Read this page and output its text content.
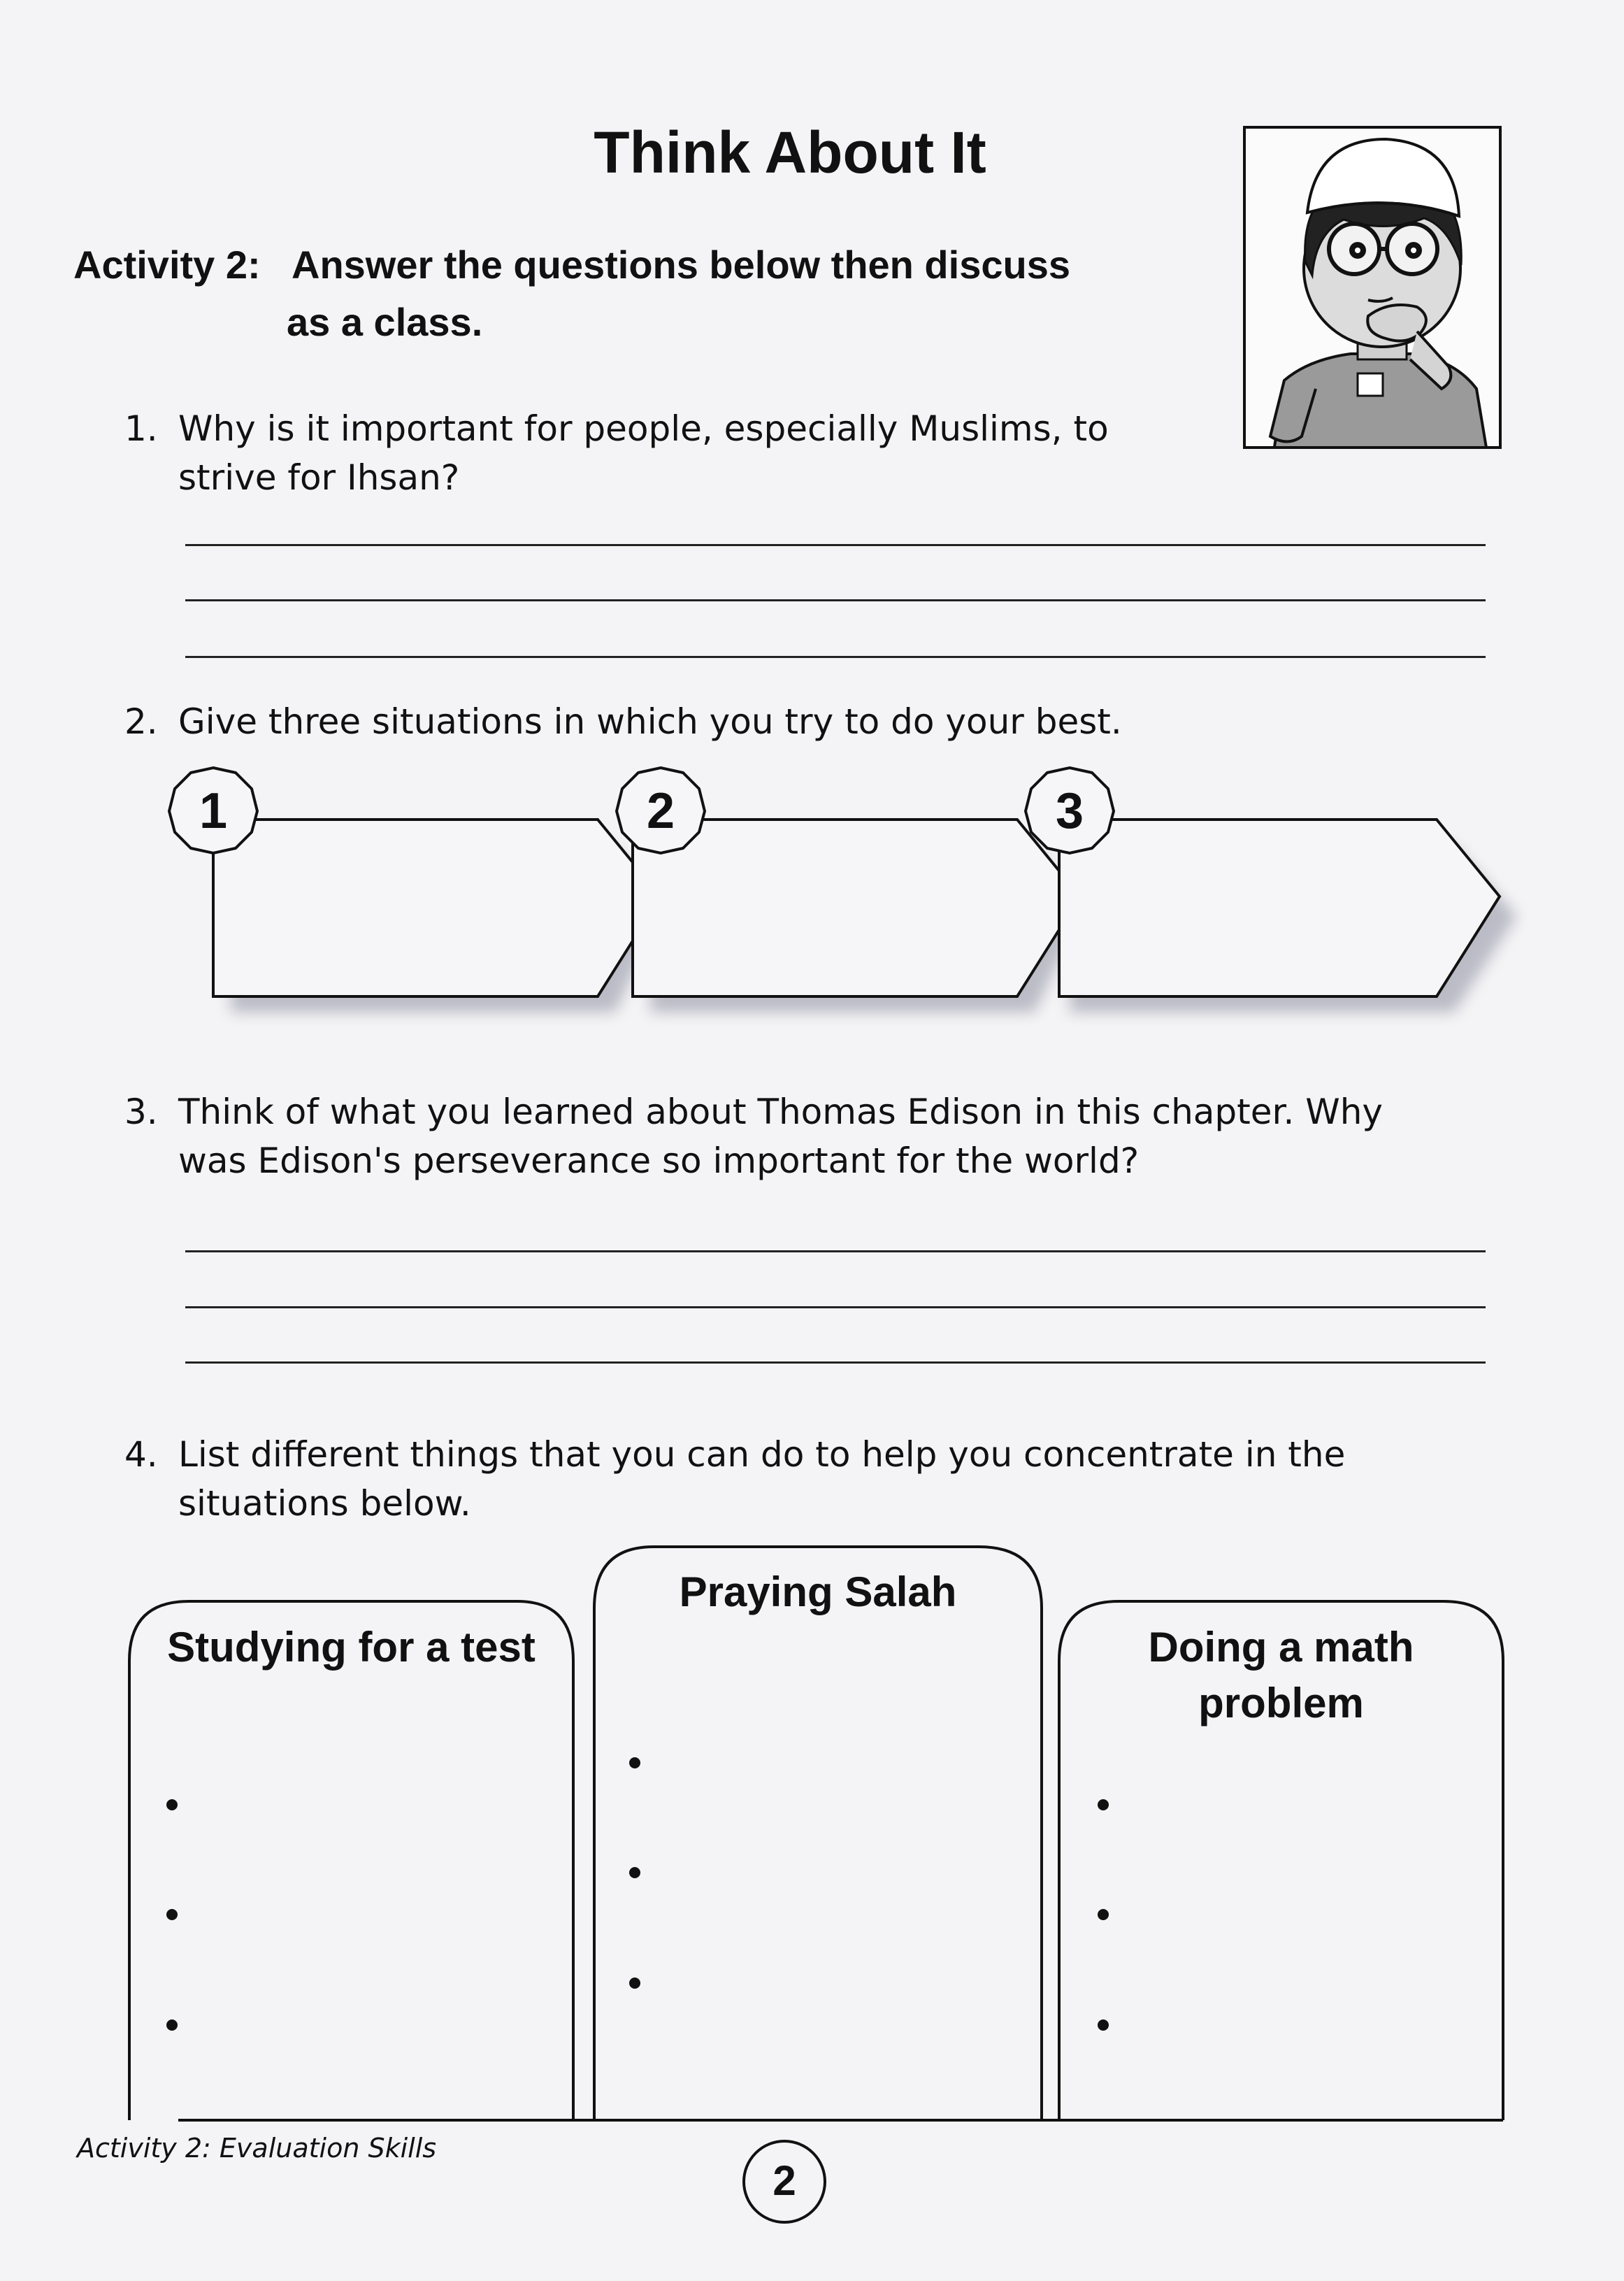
Think About It
Activity 2: Answer the questions below then discuss
as a class.
1. Why is it important for people, especially Muslims, to
strive for Ihsan?
2. Give three situations in which you try to do your best.
1	2	3
3. Think of what you learned about Thomas Edison in this chapter. Why
was Edison's perseverance so important for the world?
4. List different things that you can do to help you concentrate in the
situations below.
Studying for a test
Praying Salah
Doing a math
problem
Activity 2: Evaluation Skills
2
